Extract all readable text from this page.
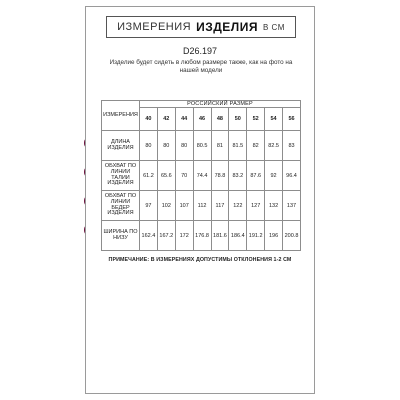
ИЗМЕРЕНИЯ ИЗДЕЛИЯ В СМ
D26.197
Изделие будет сидеть в любом размере также, как на фото на нашей модели
ИЗМЕРЕНИЯ	РОССИЙСКИЙ РАЗМЕР								
	40	42	44	46	48	50	52	54	56
ДЛИНА ИЗДЕЛИЯ	80	80	80	80.5	81	81.5	82	82.5	83
ОБХВАТ ПО ЛИНИИ ТАЛИИ ИЗДЕЛИЯ	61.2	65.6	70	74.4	78.8	83.2	87.6	92	96.4
ОБХВАТ ПО ЛИНИИ БЕДЕР ИЗДЕЛИЯ	97	102	107	112	117	122	127	132	137
ШИРИНА ПО НИЗУ	162.4	167.2	172	176.8	181.6	186.4	191.2	196	200.8
ПРИМЕЧАНИЕ: В ИЗМЕРЕНИЯХ ДОПУСТИМЫ ОТКЛОНЕНИЯ 1-2 СМ
